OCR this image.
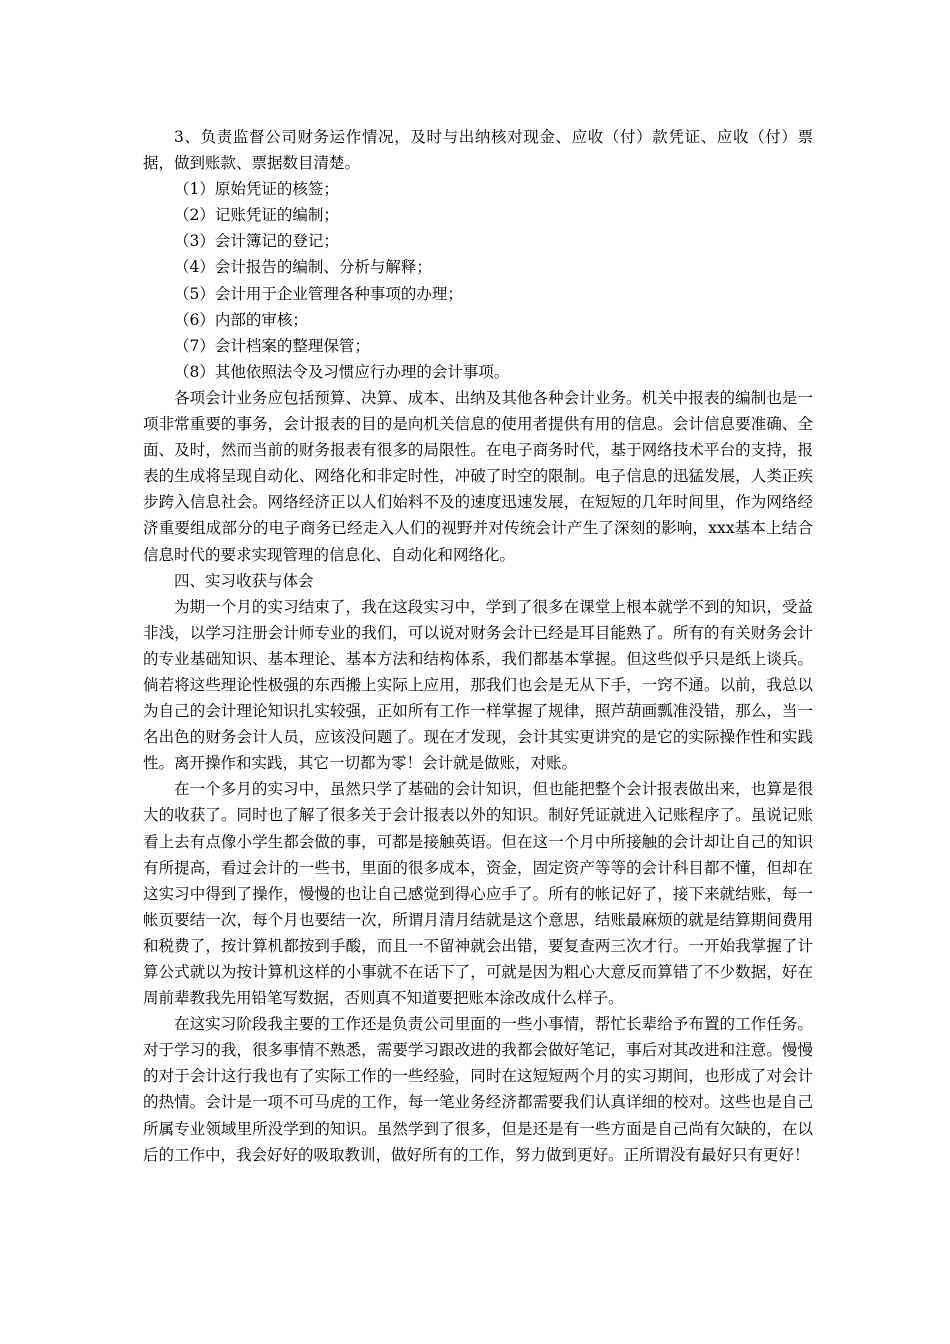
3、负责监督公司财务运作情况，及时与出纳核对现金、应收（付）款凭证、应收（付）票据，做到账款、票据数目清楚。

（1）原始凭证的核签；

（2）记账凭证的编制；

（3）会计簿记的登记；

（4）会计报告的编制、分析与解释；

（5）会计用于企业管理各种事项的办理；

（6）内部的审核；

（7）会计档案的整理保管；

（8）其他依照法令及习惯应行办理的会计事项。

各项会计业务应包括预算、决算、成本、出纳及其他各种会计业务。机关中报表的编制也是一项非常重要的事务，会计报表的目的是向机关信息的使用者提供有用的信息。会计信息要准确、全面、及时，然而当前的财务报表有很多的局限性。在电子商务时代，基于网络技术平台的支持，报表的生成将呈现自动化、网络化和非定时性，冲破了时空的限制。电子信息的迅猛发展，人类正疾步跨入信息社会。网络经济正以人们始料不及的速度迅速发展，在短短的几年时间里，作为网络经济重要组成部分的电子商务已经走入人们的视野并对传统会计产生了深刻的影响，xxx基本上结合信息时代的要求实现管理的信息化、自动化和网络化。

四、实习收获与体会

为期一个月的实习结束了，我在这段实习中，学到了很多在课堂上根本就学不到的知识，受益非浅，以学习注册会计师专业的我们，可以说对财务会计已经是耳目能熟了。所有的有关财务会计的专业基础知识、基本理论、基本方法和结构体系，我们都基本掌握。但这些似乎只是纸上谈兵。倘若将这些理论性极强的东西搬上实际上应用，那我们也会是无从下手，一窍不通。以前，我总以为自己的会计理论知识扎实较强，正如所有工作一样掌握了规律，照芦葫画瓢准没错，那么，当一名出色的财务会计人员，应该没问题了。现在才发现，会计其实更讲究的是它的实际操作性和实践性。离开操作和实践，其它一切都为零！会计就是做账，对账。

在一个多月的实习中，虽然只学了基础的会计知识，但也能把整个会计报表做出来，也算是很大的收获了。同时也了解了很多关于会计报表以外的知识。制好凭证就进入记账程序了。虽说记账看上去有点像小学生都会做的事，可都是接触英语。但在这一个月中所接触的会计却让自己的知识有所提高，看过会计的一些书，里面的很多成本，资金，固定资产等等的会计科目都不懂，但却在这实习中得到了操作，慢慢的也让自己感觉到得心应手了。所有的帐记好了，接下来就结账，每一帐页要结一次，每个月也要结一次，所谓月清月结就是这个意思，结账最麻烦的就是结算期间费用和税费了，按计算机都按到手酸，而且一不留神就会出错，要复查两三次才行。一开始我掌握了计算公式就以为按计算机这样的小事就不在话下了，可就是因为粗心大意反而算错了不少数据，好在周前辈教我先用铅笔写数据，否则真不知道要把账本涂改成什么样子。

在这实习阶段我主要的工作还是负责公司里面的一些小事情，帮忙长辈给予布置的工作任务。对于学习的我，很多事情不熟悉，需要学习跟改进的我都会做好笔记，事后对其改进和注意。慢慢的对于会计这行我也有了实际工作的一些经验，同时在这短短两个月的实习期间，也形成了对会计的热情。会计是一项不可马虎的工作，每一笔业务经济都需要我们认真详细的校对。这些也是自己所属专业领域里所没学到的知识。虽然学到了很多，但是还是有一些方面是自己尚有欠缺的，在以后的工作中，我会好好的吸取教训，做好所有的工作，努力做到更好。正所谓没有最好只有更好！
